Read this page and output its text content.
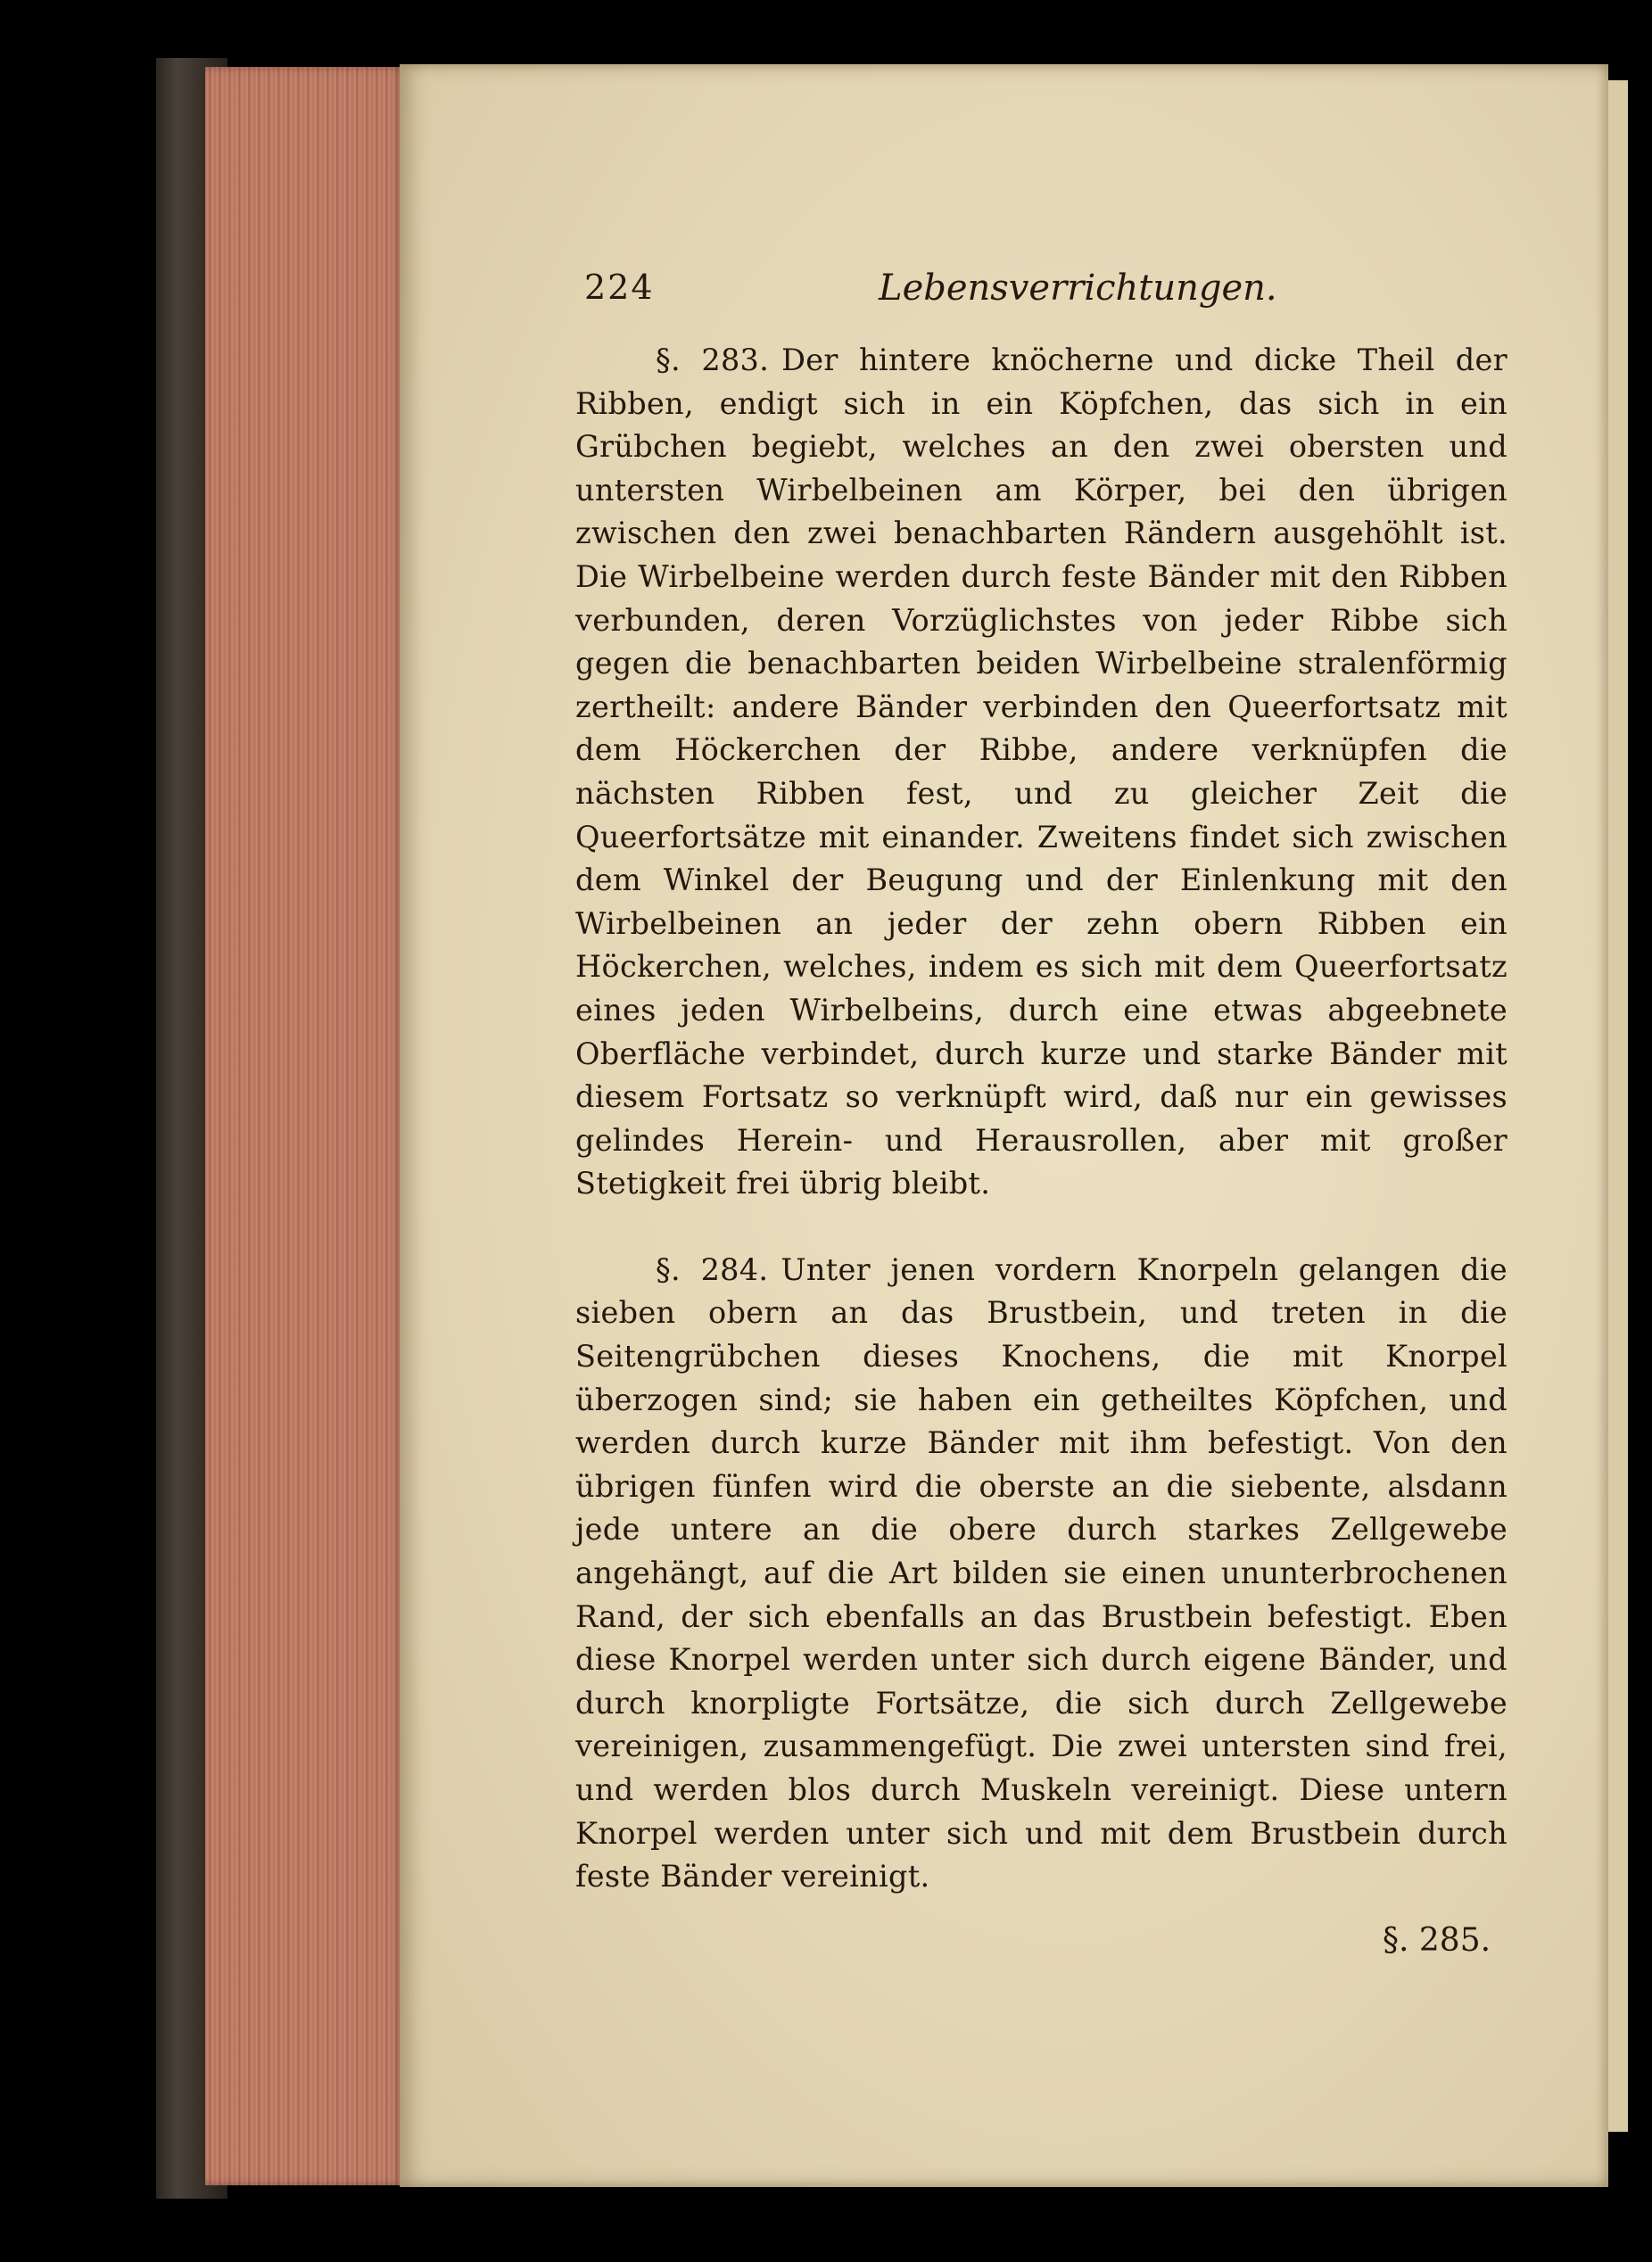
224	Lebensverrichtungen.

§. 283. Der hintere knöcherne und dicke Theil der Ribben, endigt sich in ein Köpfchen, das sich in ein Grübchen begiebt, welches an den zwei obersten und untersten Wirbelbeinen am Körper, bei den übrigen zwischen den zwei benachbarten Rändern ausgehöhlt ist. Die Wirbelbeine werden durch feste Bänder mit den Ribben verbunden, deren Vorzüglichstes von jeder Ribbe sich gegen die benachbarten beiden Wirbelbeine stralenförmig zertheilt: andere Bänder verbinden den Queerfortsatz mit dem Höckerchen der Ribbe, andere verknüpfen die nächsten Ribben fest, und zu gleicher Zeit die Queerfortsätze mit einander. Zweitens findet sich zwischen dem Winkel der Beugung und der Einlenkung mit den Wirbelbeinen an jeder der zehn obern Ribben ein Höckerchen, welches, indem es sich mit dem Queerfortsatz eines jeden Wirbelbeins, durch eine etwas abgeebnete Oberfläche verbindet, durch kurze und starke Bänder mit diesem Fortsatz so verknüpft wird, daß nur ein gewisses gelindes Herein- und Herausrollen, aber mit großer Stetigkeit frei übrig bleibt.

§. 284. Unter jenen vordern Knorpeln gelangen die sieben obern an das Brustbein, und treten in die Seitengrübchen dieses Knochens, die mit Knorpel überzogen sind; sie haben ein getheiltes Köpfchen, und werden durch kurze Bänder mit ihm befestigt. Von den übrigen fünfen wird die oberste an die siebente, alsdann jede untere an die obere durch starkes Zellgewebe angehängt, auf die Art bilden sie einen ununterbrochenen Rand, der sich ebenfalls an das Brustbein befestigt. Eben diese Knorpel werden unter sich durch eigene Bänder, und durch knorpligte Fortsätze, die sich durch Zellgewebe vereinigen, zusammengefügt. Die zwei untersten sind frei, und werden blos durch Muskeln vereinigt. Diese untern Knorpel werden unter sich und mit dem Brustbein durch feste Bänder vereinigt.

§. 285.
